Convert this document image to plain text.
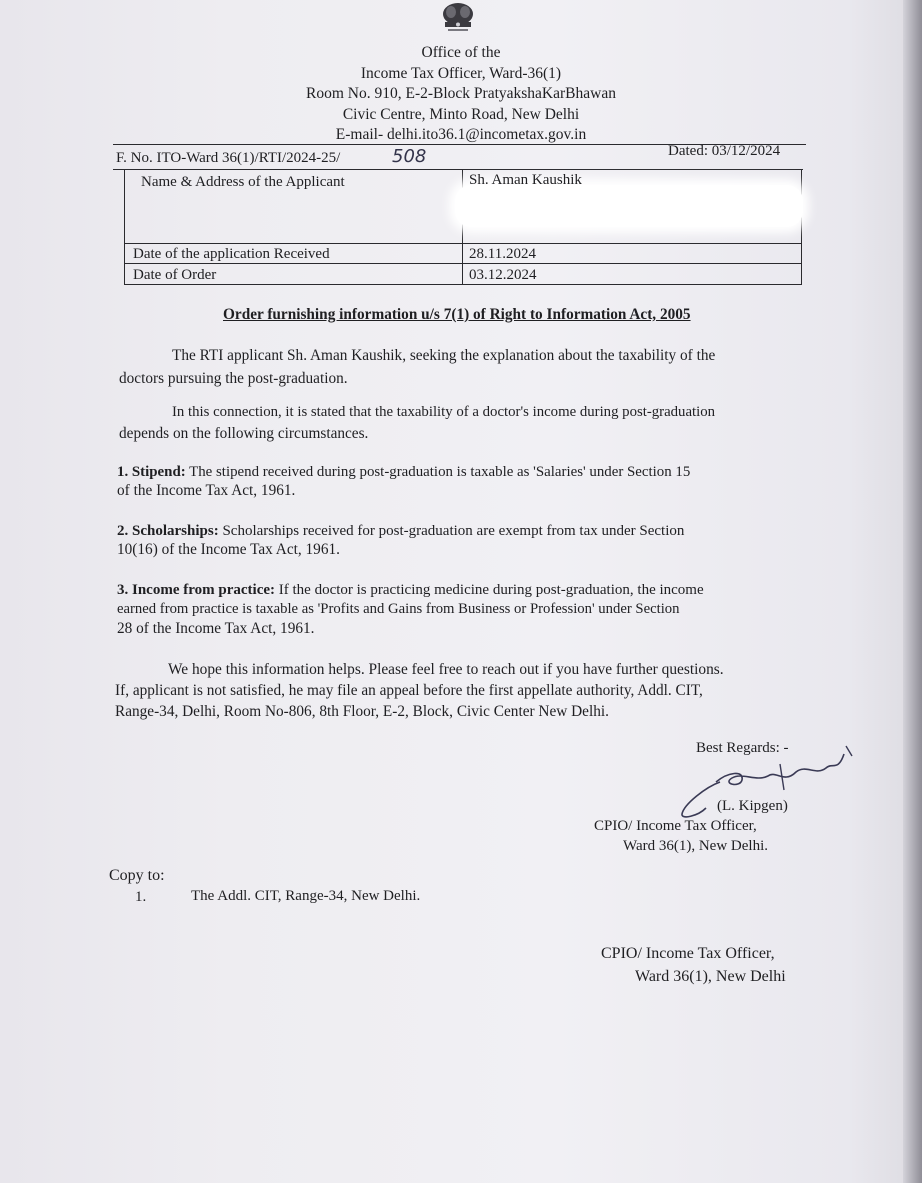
Office of the
Income Tax Officer, Ward-36(1)
Room No. 910, E-2-Block PratyakshaKarBhawan
Civic Centre, Minto Road, New Delhi
E-mail- delhi.ito36.1@incometax.gov.in
F. No. ITO-Ward 36(1)/RTI/2024-25/	508	Dated: 03/12/2024
Name & Address of the Applicant	Sh. Aman Kaushik
Date of the application Received	28.11.2024
Date of Order	03.12.2024
Order furnishing information u/s 7(1) of Right to Information Act, 2005
The RTI applicant Sh. Aman Kaushik, seeking the explanation about the taxability of the
doctors pursuing the post-graduation.
In this connection, it is stated that the taxability of a doctor's income during post-graduation
depends on the following circumstances.
1. Stipend: The stipend received during post-graduation is taxable as 'Salaries' under Section 15
of the Income Tax Act, 1961.
2. Scholarships: Scholarships received for post-graduation are exempt from tax under Section
10(16) of the Income Tax Act, 1961.
3. Income from practice: If the doctor is practicing medicine during post-graduation, the income
earned from practice is taxable as 'Profits and Gains from Business or Profession' under Section
28 of the Income Tax Act, 1961.
We hope this information helps. Please feel free to reach out if you have further questions.
If, applicant is not satisfied, he may file an appeal before the first appellate authority, Addl. CIT,
Range-34, Delhi, Room No-806, 8th Floor, E-2, Block, Civic Center New Delhi.
Best Regards: -
(L. Kipgen)
CPIO/ Income Tax Officer,
Ward 36(1), New Delhi.
Copy to:
1.	The Addl. CIT, Range-34, New Delhi.
CPIO/ Income Tax Officer,
Ward 36(1), New Delhi
